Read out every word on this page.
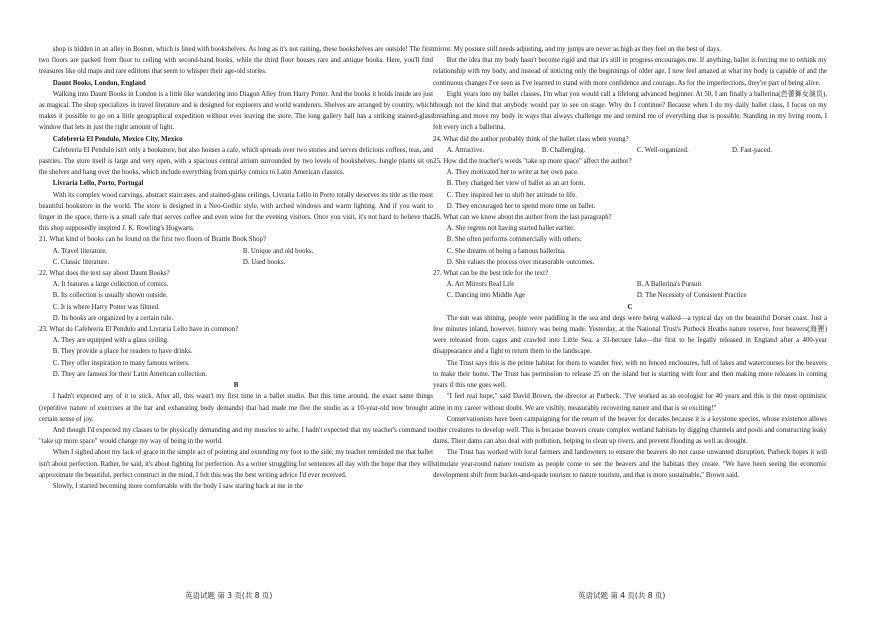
shop is hidden in an alley in Boston, which is lined with bookshelves. As long as it's not raining, these bookshelves are outside! The first two floors are packed from floor to ceiling with second-hand books, while the third floor houses rare and antique books. Here, you'll find treasures like old maps and rare editions that seem to whisper their age-old stories.

Daunt Books, London, England

Walking into Daunt Books in London is a little like wandering into Diagon Alley from Harry Potter. And the books it holds inside are just as magical. The shop specializes in travel literature and is designed for explorers and world wanderers. Shelves are arranged by country, which makes it possible to go on a little geographical expedition without ever leaving the store. The long gallery hall has a striking stained-glass window that lets in just the right amount of light.

Cafebreria El Pendulo, Mexico City, Mexico

Cafebreria El Pendulo isn't only a bookstore, but also houses a cafe, which spreads over two stories and serves delicious coffees, teas, and pastries. The store itself is large and very open, with a spacious central atrium surrounded by two levels of bookshelves. Jungle plants sit on the shelves and hang over the books, which include everything from quirky comics to Latin American classics.

Livraria Lello, Porto, Portugal

With its complex wood carvings, abstract staircases, and stained-glass ceilings, Livraria Lello in Porto totally deserves its title as the most beautiful bookstore in the world. The store is designed in a Neo-Gothic style, with arched windows and warm lighting. And if you want to linger in the space, there is a small cafe that serves coffee and even wine for the evening visitors. Once you visit, it's not hard to believe that this shop supposedly inspired J. K. Rowling's Hogwarts.

21. What kind of books can be found on the first two floors of Brattle Book Shop?

A. Travel literature.	B. Unique and old books.
C. Classic literature.	D. Used books.

22. What does the text say about Daunt Books?

A. It features a large collection of comics.

B. Its collection is usually shown outside.

C. It is where Harry Potter was filmed.

D. Its books are organized by a certain rule.

23. What do Cafebreria El Pendulo and Livraria Lello have in common?

A. They are equipped with a glass ceiling.

B. They provide a place for readers to have drinks.

C. They offer inspiration to many famous writers.

D. They are famous for their Latin American collection.

B

I hadn't expected any of it to stick. After all, this wasn't my first time in a ballet studio. But this time around, the exact same things (repetitive nature of exercises at the bar and exhausting body demands) that had made me flee the studio as a 10-year-old now brought a certain sense of joy.

And though I'd expected my classes to be physically demanding and my muscles to ache, I hadn't expected that my teacher's command to "take up more space" would change my way of being in the world.

When I sighed about my lack of grace in the simple act of pointing and extending my foot to the side, my teacher reminded me that ballet isn't about perfection. Rather, he said, it's about fighting for perfection. As a writer struggling for sentences all day with the hope that they will approximate the beautiful, perfect construct in the mind, I felt this was the best writing advice I'd ever received.

Slowly, I started becoming more comfortable with the body I saw staring back at me in the

mirror. My posture still needs adjusting, and my jumps are never as high as they feel on the best of days.

But the idea that my body hasn't become rigid and that it's still in progress encourages me. If anything, ballet is forcing me to rethink my relationship with my body, and instead of noticing only the beginnings of older age, I now feel amazed at what my body is capable of and the continuous changes I've seen as I've learned to stand with more confidence and courage. As for the imperfections, they're part of being alive.

Eight years into my ballet classes, I'm what you would call a lifelong advanced beginner. At 50, I am finally a ballerina(芭蕾舞女演员), though not the kind that anybody would pay to see on stage. Why do I continue? Because when I do my daily ballet class, I focus on my breathing and move my body in ways that always challenge me and remind me of everything that is possible. Standing in my living room, I felt every inch a ballerina.

24. What did the author probably think of the ballet class when young?

A. Attractive.	B. Challenging.	C. Well-organized.	D. Fast-paced.

25. How did the teacher's words "take up more space" affect the author?

A. They motivated her to write at her own pace.

B. They changed her view of ballet as an art form.

C. They inspired her to shift her attitude to life.

D. They encouraged her to spend more time on ballet.

26. What can we know about the author from the last paragraph?

A. She regrets not having started ballet earlier.

B. She often performs commercially with others.

C. She dreams of being a famous ballerina.

D. She values the process over measurable outcomes.

27. What can be the best title for the text?

A. Art Mirrors Real Life	B. A Ballerina's Pursuit
C. Dancing into Middle Age	D. The Necessity of Consistent Practice

C

The sun was shining, people were paddling in the sea and dogs were being walked—a typical day on the beautiful Dorset coast. Just a few minutes inland, however, history was being made. Yesterday, at the National Trust's Purbeck Heaths nature reserve, four beavers(海狸) were released from cages and crawled into Little Sea, a 33-hectare lake—the first to be legally released in England after a 400-year disappearance and a fight to return them to the landscape.

The Trust says this is the prime habitat for them to wander free, with no fenced enclosures, full of lakes and watercourses for the beavers to make their home. The Trust has permission to release 25 on the island but is starting with four and then making more releases in coming years if this one goes well.

"I feel real hope," said David Brown, the director at Purbeck. "I've worked as an ecologist for 40 years and this is the most optimistic time in my career without doubt. We are visibly, measurably recovering nature and that is so exciting!"

Conservationists have been campaigning for the return of the beaver for decades because it is a keystone species, whose existence allows other creatures to develop well. This is because beavers create complex wetland habitats by digging channels and pools and constructing leaky dams. Their dams can also deal with pollution, helping to clean up rivers, and prevent flooding as well as drought.

The Trust has worked with local farmers and landowners to ensure the beavers do not cause unwanted disruption. Purbeck hopes it will stimulate year-round nature tourism as people come to see the beavers and the habitats they create. "We have been seeing the economic development shift from bucket-and-spade tourism to nature tourism, and that is more sustainable," Brown said.

英语试题 第 3 页(共 8 页)	英语试题 第 4 页(共 8 页)
